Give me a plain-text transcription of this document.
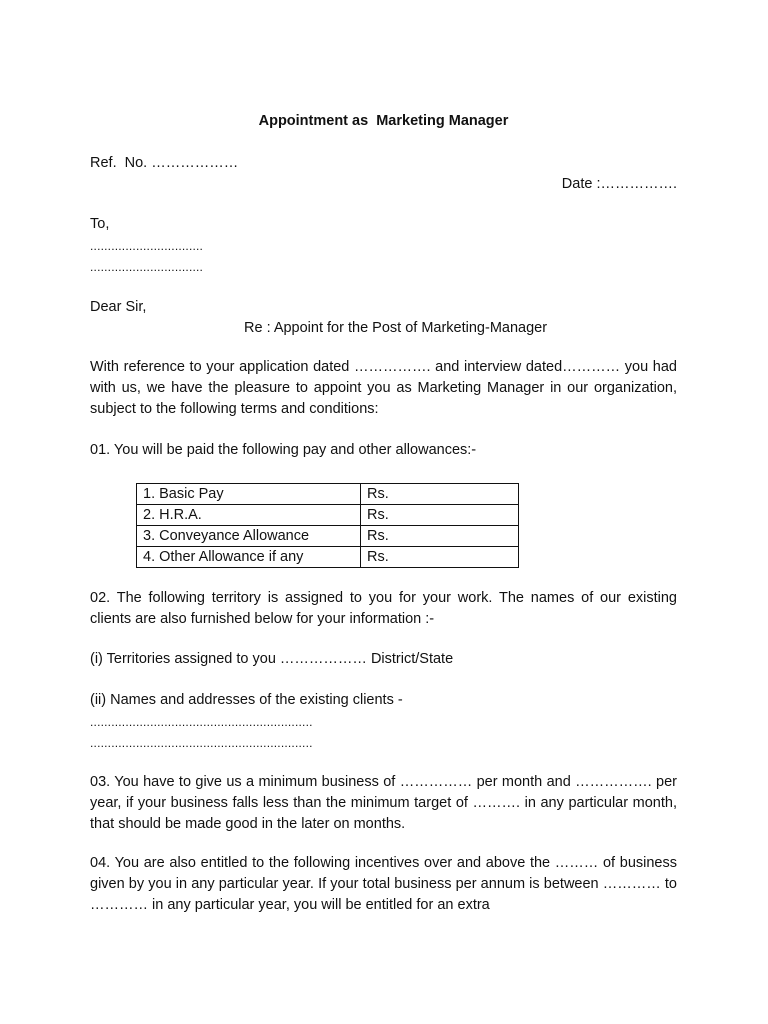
Appointment as  Marketing Manager
Ref.  No. ………………
Date :…………….
To,
................................
................................
Dear Sir,
Re : Appoint for the Post of Marketing-Manager
With reference to your application dated ……………. and interview dated………… you had with us, we have the pleasure to appoint you as Marketing Manager in our organization, subject to the following terms and conditions:
01. You will be paid the following pay and other allowances:-
1. Basic Pay	Rs.
2. H.R.A.	Rs.
3. Conveyance Allowance	Rs.
4. Other Allowance if any	Rs.
02. The following territory is assigned to you for your work. The names of our existing clients are also furnished below for your information :-
(i) Territories assigned to you ……………… District/State
(ii) Names and addresses of the existing clients -
...............................................................
...............................................................
03. You have to give us a minimum business of …………… per month and ……………. per year, if your business falls less than the minimum target of ………. in any particular month, that should be made good in the later on months.
04. You are also entitled to the following incentives over and above the ……… of business given by you in any particular year. If your total business per annum is between ………… to ………… in any particular year, you will be entitled for an extra
